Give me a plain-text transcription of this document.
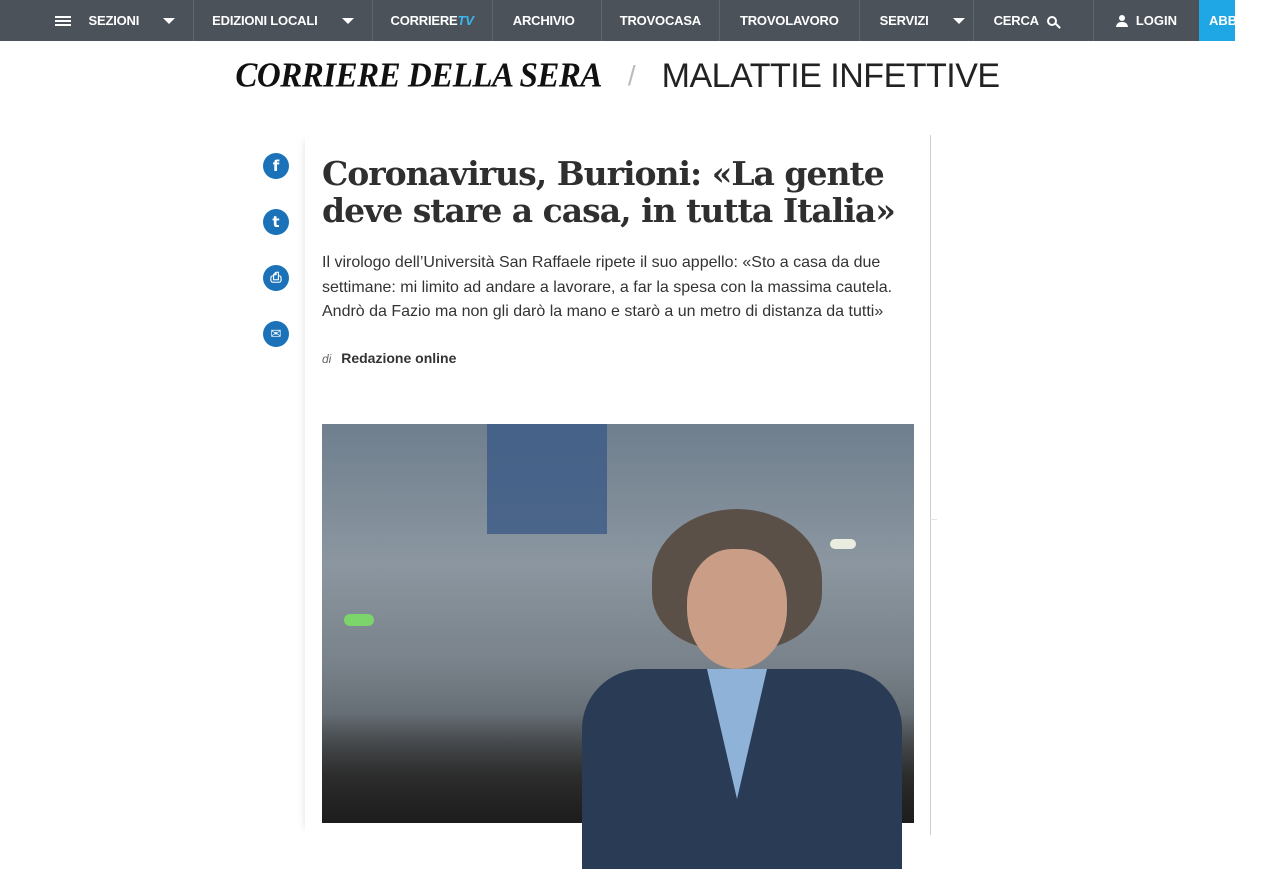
SEZIONI	EDIZIONI LOCALI	CORRIERE TV	ARCHIVIO	TROVOCASA	TROVOLAVORO	SERVIZI	CERCA	LOGIN ABBONATI
CORRIERE DELLA SERA / MALATTIE INFETTIVE
f
t
⎙
✉
Coronavirus, Burioni: «La gente deve stare a casa, in tutta Italia»

Il virologo dell’Università San Raffaele ripete il suo appello: «Sto a casa da due settimane: mi limito ad andare a lavorare, a far la spesa con la massima cautela. Andrò da Fazio ma non gli darò la mano e starò a un metro di distanza da tutti»

di Redazione online
